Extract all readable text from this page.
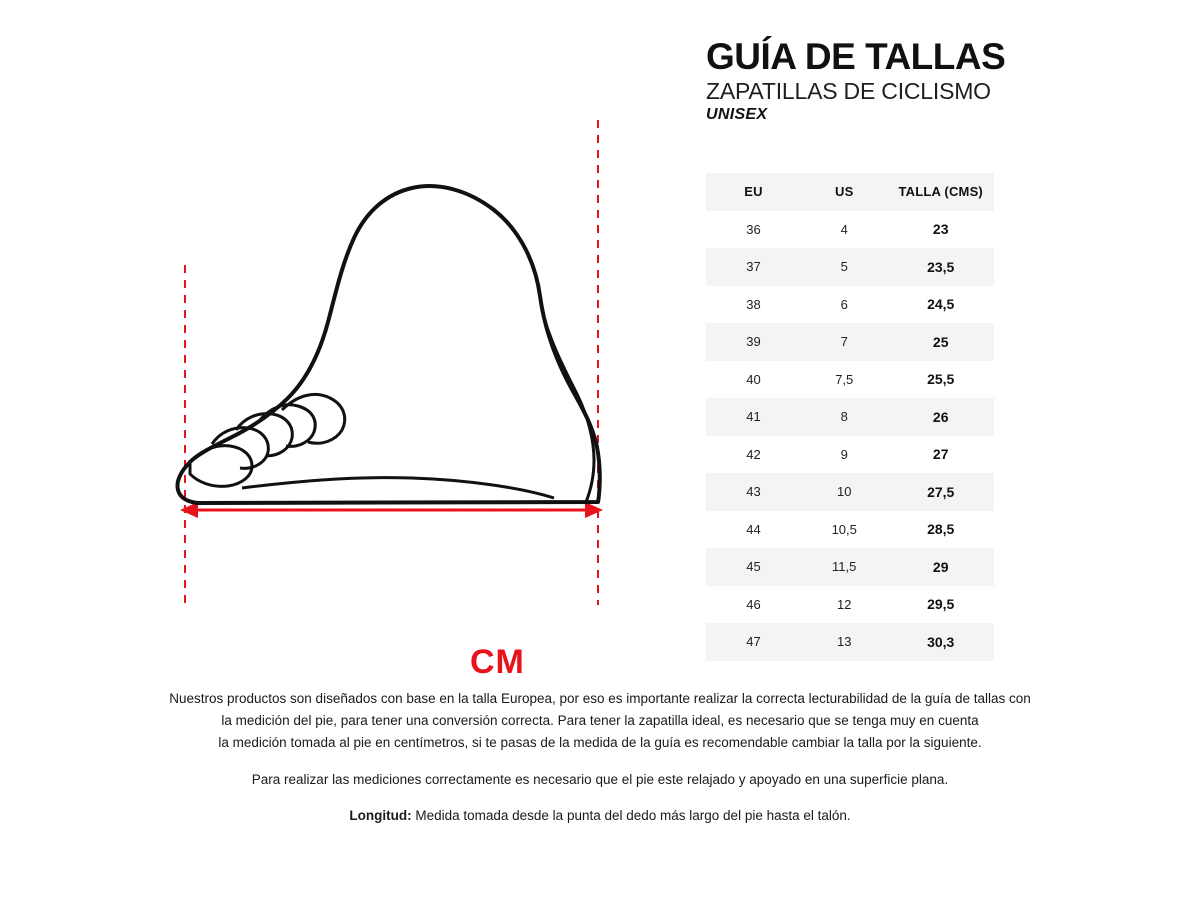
GUÍA DE TALLAS
ZAPATILLAS DE CICLISMO
UNISEX
CM
EU	US	TALLA (CMS)
36	4	23
37	5	23,5
38	6	24,5
39	7	25
40	7,5	25,5
41	8	26
42	9	27
43	10	27,5
44	10,5	28,5
45	11,5	29
46	12	29,5
47	13	30,3

Nuestros productos son diseñados con base en la talla Europea, por eso es importante realizar la correcta lecturabilidad de la guía de tallas con
la medición del pie, para tener una conversión correcta. Para tener la zapatilla ideal, es necesario que se tenga muy en cuenta
la medición tomada al pie en centímetros, si te pasas de la medida de la guía es recomendable cambiar la talla por la siguiente.

Para realizar las mediciones correctamente es necesario que el pie este relajado y apoyado en una superficie plana.

Longitud: Medida tomada desde la punta del dedo más largo del pie hasta el talón.
